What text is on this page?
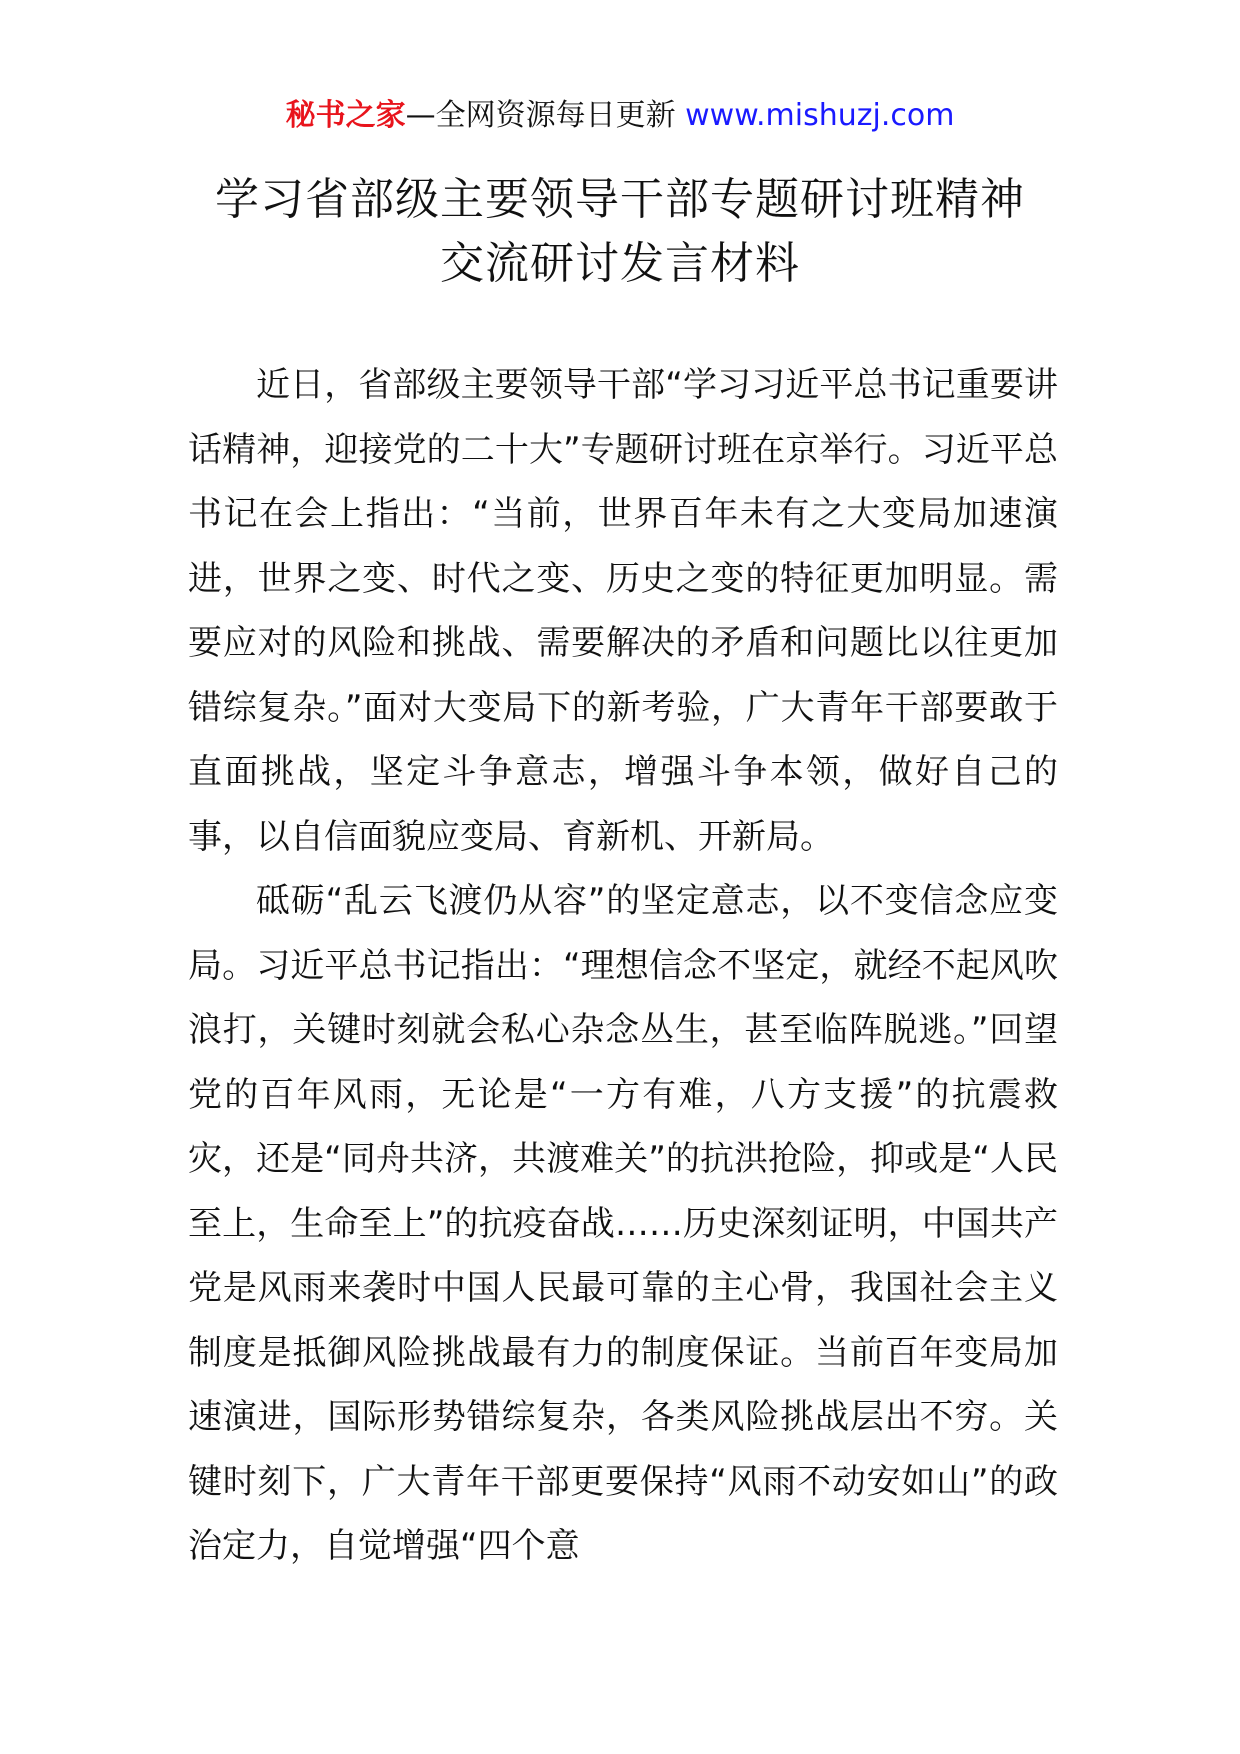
秘书之家—全网资源每日更新 www.mishuzj.com
学习省部级主要领导干部专题研讨班精神
交流研讨发言材料

近日，省部级主要领导干部“学习习近平总书记重要讲话精神，迎接党的二十大”专题研讨班在京举行。习近平总书记在会上指出：“当前，世界百年未有之大变局加速演进，世界之变、时代之变、历史之变的特征更加明显。需要应对的风险和挑战、需要解决的矛盾和问题比以往更加错综复杂。”面对大变局下的新考验，广大青年干部要敢于直面挑战，坚定斗争意志，增强斗争本领，做好自己的事，以自信面貌应变局、育新机、开新局。

砥砺“乱云飞渡仍从容”的坚定意志，以不变信念应变局。习近平总书记指出：“理想信念不坚定，就经不起风吹浪打，关键时刻就会私心杂念丛生，甚至临阵脱逃。”回望党的百年风雨，无论是“一方有难，八方支援”的抗震救灾，还是“同舟共济，共渡难关”的抗洪抢险，抑或是“人民至上，生命至上”的抗疫奋战……历史深刻证明，中国共产党是风雨来袭时中国人民最可靠的主心骨，我国社会主义制度是抵御风险挑战最有力的制度保证。当前百年变局加速演进，国际形势错综复杂，各类风险挑战层出不穷。关键时刻下，广大青年干部更要保持“风雨不动安如山”的政治定力，自觉增强“四个意
